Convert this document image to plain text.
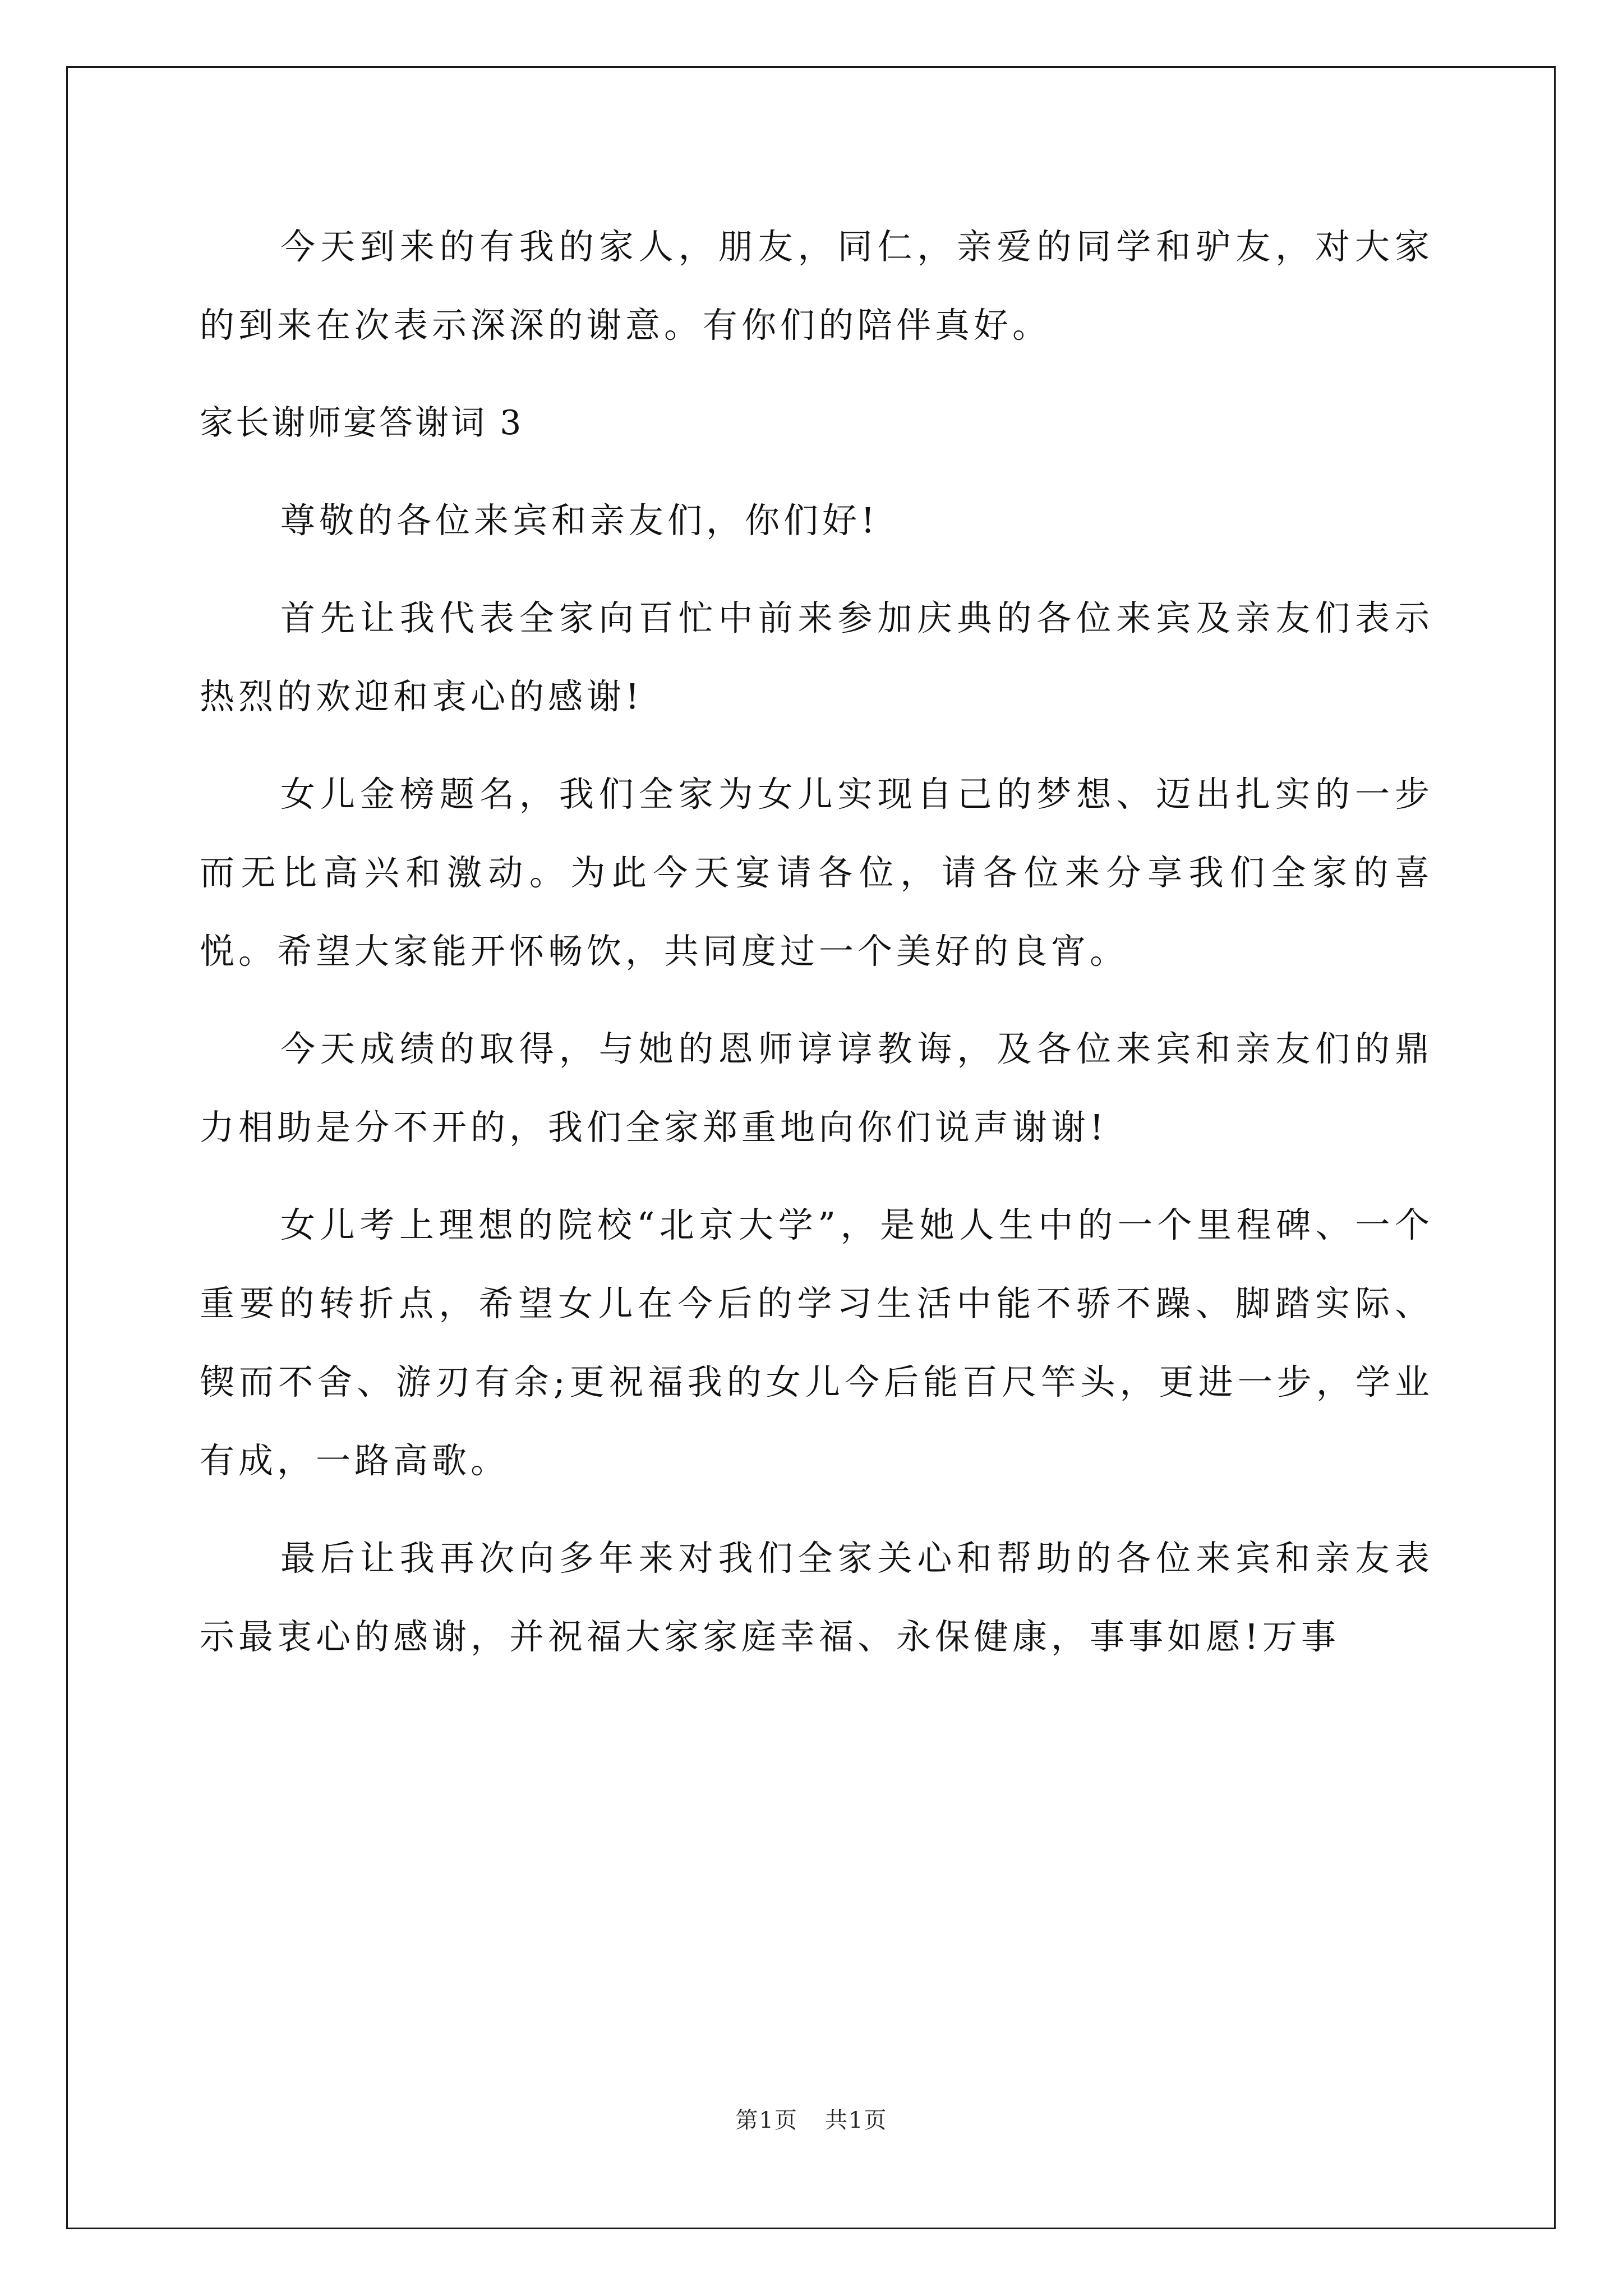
今天到来的有我的家人，朋友，同仁，亲爱的同学和驴友，对大家的到来在次表示深深的谢意。有你们的陪伴真好。

家长谢师宴答谢词 3

尊敬的各位来宾和亲友们，你们好!

首先让我代表全家向百忙中前来参加庆典的各位来宾及亲友们表示热烈的欢迎和衷心的感谢!

女儿金榜题名，我们全家为女儿实现自己的梦想、迈出扎实的一步而无比高兴和激动。为此今天宴请各位，请各位来分享我们全家的喜悦。希望大家能开怀畅饮，共同度过一个美好的良宵。

今天成绩的取得，与她的恩师谆谆教诲，及各位来宾和亲友们的鼎力相助是分不开的，我们全家郑重地向你们说声谢谢!

女儿考上理想的院校“北京大学”，是她人生中的一个里程碑、一个重要的转折点，希望女儿在今后的学习生活中能不骄不躁、脚踏实际、锲而不舍、游刃有余;更祝福我的女儿今后能百尺竿头，更进一步，学业有成，一路高歌。

最后让我再次向多年来对我们全家关心和帮助的各位来宾和亲友表示最衷心的感谢，并祝福大家家庭幸福、永保健康，事事如愿!万事

第1页 共1页
